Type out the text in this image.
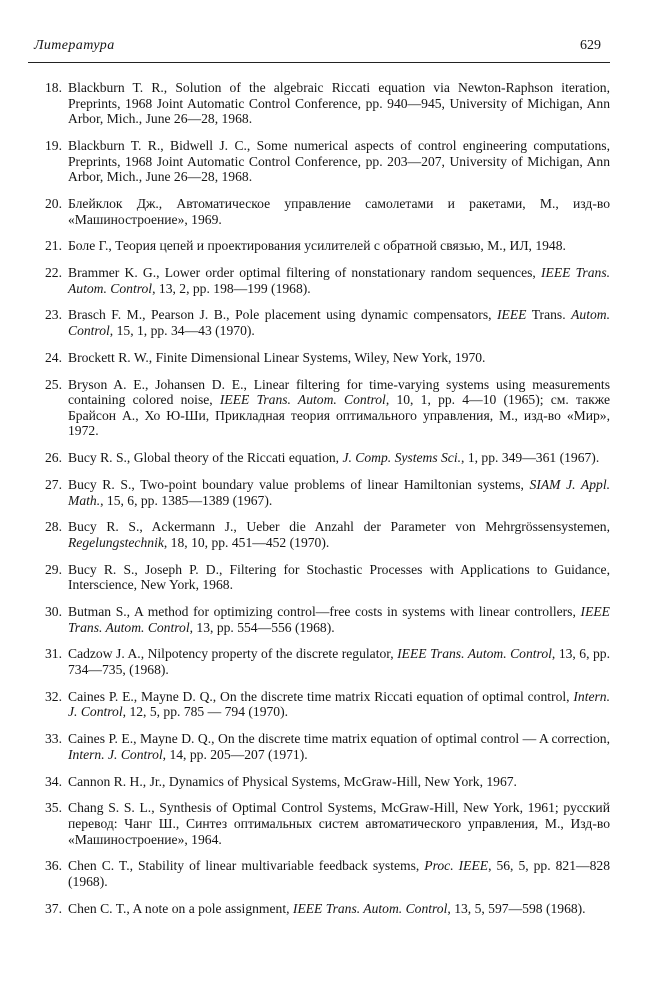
Литература	629
18. Blackburn T. R., Solution of the algebraic Riccati equation via Newton-Raphson iteration, Preprints, 1968 Joint Automatic Control Conference, pp. 940—945, University of Michigan, Ann Arbor, Mich., June 26—28, 1968.
19. Blackburn T. R., Bidwell J. C., Some numerical aspects of control engineering computations, Preprints, 1968 Joint Automatic Control Conference, pp. 203—207, University of Michigan, Ann Arbor, Mich., June 26—28, 1968.
20. Блейклок Дж., Автоматическое управление самолетами и ракетами, М., изд-во «Машиностроение», 1969.
21. Боле Г., Теория цепей и проектирования усилителей с обратной связью, М., ИЛ, 1948.
22. Brammer K. G., Lower order optimal filtering of nonstationary random sequences, IEEE Trans. Autom. Control, 13, 2, pp. 198—199 (1968).
23. Brasch F. M., Pearson J. B., Pole placement using dynamic compensators, IEEE Trans. Autom. Control, 15, 1, pp. 34—43 (1970).
24. Brockett R. W., Finite Dimensional Linear Systems, Wiley, New York, 1970.
25. Bryson A. E., Johansen D. E., Linear filtering for time-varying systems using measurements containing colored noise, IEEE Trans. Autom. Control, 10, 1, pp. 4—10 (1965); см. также Брайсон А., Хо Ю-Ши, Прикладная теория оптимального управления, М., изд-во «Мир», 1972.
26. Bucy R. S., Global theory of the Riccati equation, J. Comp. Systems Sci., 1, pp. 349—361 (1967).
27. Bucy R. S., Two-point boundary value problems of linear Hamiltonian systems, SIAM J. Appl. Math., 15, 6, pp. 1385—1389 (1967).
28. Bucy R. S., Ackermann J., Ueber die Anzahl der Parameter von Mehrgrössensystemen, Regelungstechnik, 18, 10, pp. 451—452 (1970).
29. Bucy R. S., Joseph P. D., Filtering for Stochastic Processes with Applications to Guidance, Interscience, New York, 1968.
30. Butman S., A method for optimizing control—free costs in systems with linear controllers, IEEE Trans. Autom. Control, 13, pp. 554—556 (1968).
31. Cadzow J. A., Nilpotency property of the discrete regulator, IEEE Trans. Autom. Control, 13, 6, pp. 734—735, (1968).
32. Caines P. E., Mayne D. Q., On the discrete time matrix Riccati equation of optimal control, Intern. J. Control, 12, 5, pp. 785 — 794 (1970).
33. Caines P. E., Mayne D. Q., On the discrete time matrix equation of optimal control — A correction, Intern. J. Control, 14, pp. 205—207 (1971).
34. Cannon R. H., Jr., Dynamics of Physical Systems, McGraw-Hill, New York, 1967.
35. Chang S. S. L., Synthesis of Optimal Control Systems, McGraw-Hill, New York, 1961; русский перевод: Чанг Ш., Синтез оптимальных систем автоматического управления, М., Изд-во «Машиностроение», 1964.
36. Chen C. T., Stability of linear multivariable feedback systems, Proc. IEEE, 56, 5, pp. 821—828 (1968).
37. Chen C. T., A note on a pole assignment, IEEE Trans. Autom. Control, 13, 5, 597—598 (1968).
